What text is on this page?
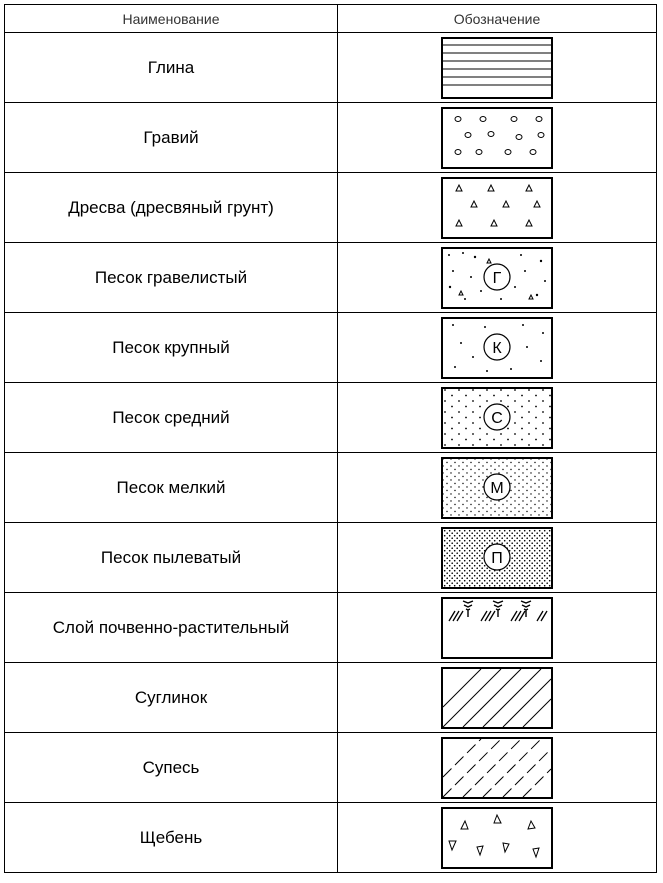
Наименование	Обозначение
Глина	

Гравий	

Дресва (дресвяный грунт)	

Песок гравелистый	Г

Песок крупный	К

Песок средний	С

Песок мелкий	М

Песок пылеватый	П

Слой почвенно-растительный	

Суглинок	

Супесь	

Щебень	
